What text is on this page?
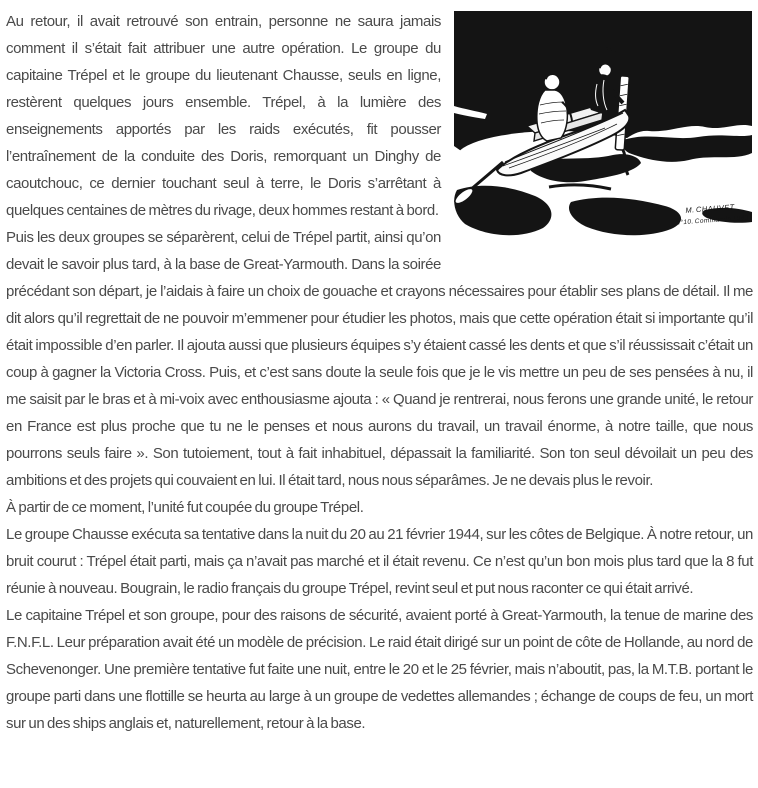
M. CHAUVET
N°10. Commando 1943.

Au retour, il avait retrouvé son entrain, personne ne saura jamais comment il s’était fait attribuer une autre opération. Le groupe du capitaine Trépel et le groupe du lieutenant Chausse, seuls en ligne, restèrent quelques jours ensemble. Trépel, à la lumière des enseignements apportés par les raids exécutés, fit pousser l’entraînement de la conduite des Doris, remorquant un Dinghy de caoutchouc, ce dernier touchant seul à terre, le Doris s’arrêtant à quelques centaines de mètres du rivage, deux hommes restant à bord.

Puis les deux groupes se séparèrent, celui de Trépel partit, ainsi qu’on devait le savoir plus tard, à la base de Great-Yarmouth. Dans la soirée précédant son départ, je l’aidais à faire un choix de gouache et crayons nécessaires pour établir ses plans de détail. Il me dit alors qu’il regrettait de ne pouvoir m’emmener pour étudier les photos, mais que cette opération était si importante qu’il était impossible d’en parler. Il ajouta aussi que plusieurs équipes s’y étaient cassé les dents et que s’il réussissait c’était un coup à gagner la Victoria Cross. Puis, et c’est sans doute la seule fois que je le vis mettre un peu de ses pensées à nu, il me saisit par le bras et à mi-voix avec enthousiasme ajouta : « Quand je rentrerai, nous ferons une grande unité, le retour en France est plus proche que tu ne le penses et nous aurons du travail, un travail énorme, à notre taille, que nous pourrons seuls faire ». Son tutoiement, tout à fait inhabituel, dépassait la familiarité. Son ton seul dévoilait un peu des ambitions et des projets qui couvaient en lui. Il était tard, nous nous séparâmes. Je ne devais plus le revoir.

À partir de ce moment, l’unité fut coupée du groupe Trépel.

Le groupe Chausse exécuta sa tentative dans la nuit du 20 au 21 février 1944, sur les côtes de Belgique. À notre retour, un bruit courut : Trépel était parti, mais ça n’avait pas marché et il était revenu. Ce n’est qu’un bon mois plus tard que la 8 fut réunie à nouveau. Bougrain, le radio français du groupe Trépel, revint seul et put nous raconter ce qui était arrivé.

Le capitaine Trépel et son groupe, pour des raisons de sécurité, avaient porté à Great-Yarmouth, la tenue de marine des F.N.F.L. Leur préparation avait été un modèle de précision. Le raid était dirigé sur un point de côte de Hollande, au nord de Schevenonger. Une première tentative fut faite une nuit, entre le 20 et le 25 février, mais n’aboutit, pas, la M.T.B. portant le groupe parti dans une flottille se heurta au large à un groupe de vedettes allemandes ; échange de coups de feu, un mort sur un des ships anglais et, naturellement, retour à la base.
